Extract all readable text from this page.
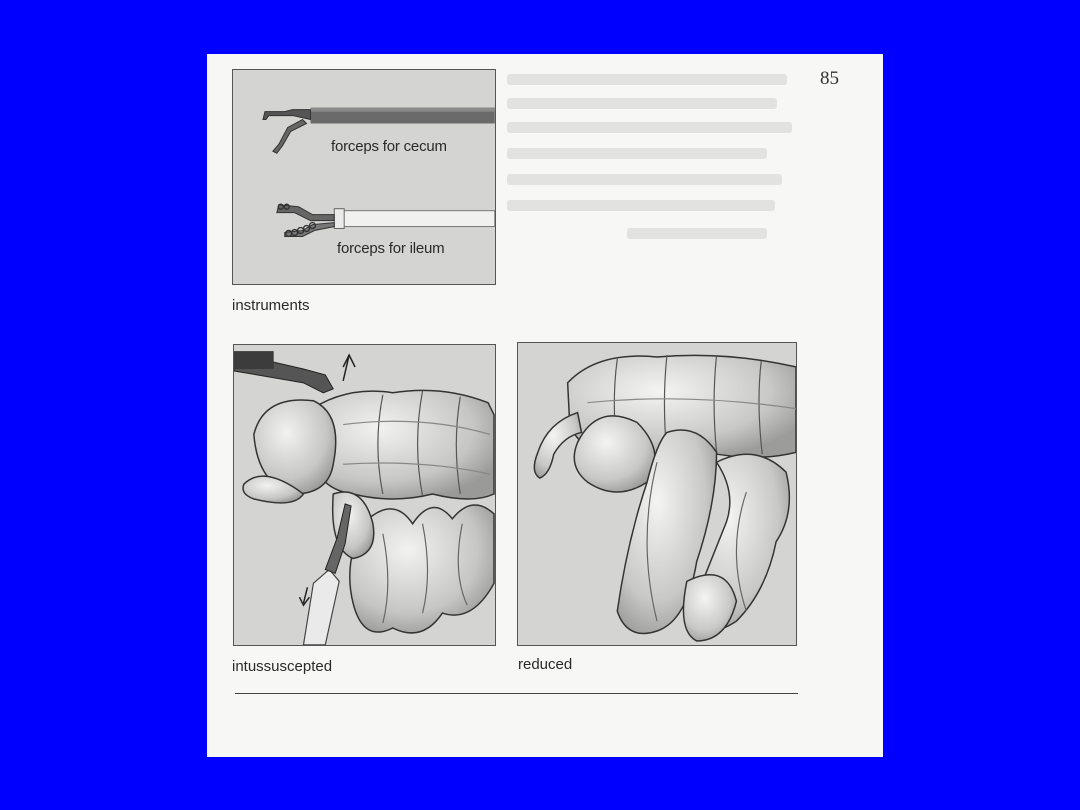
85
forceps for cecum
forceps for ileum
instruments
intussuscepted	reduced
